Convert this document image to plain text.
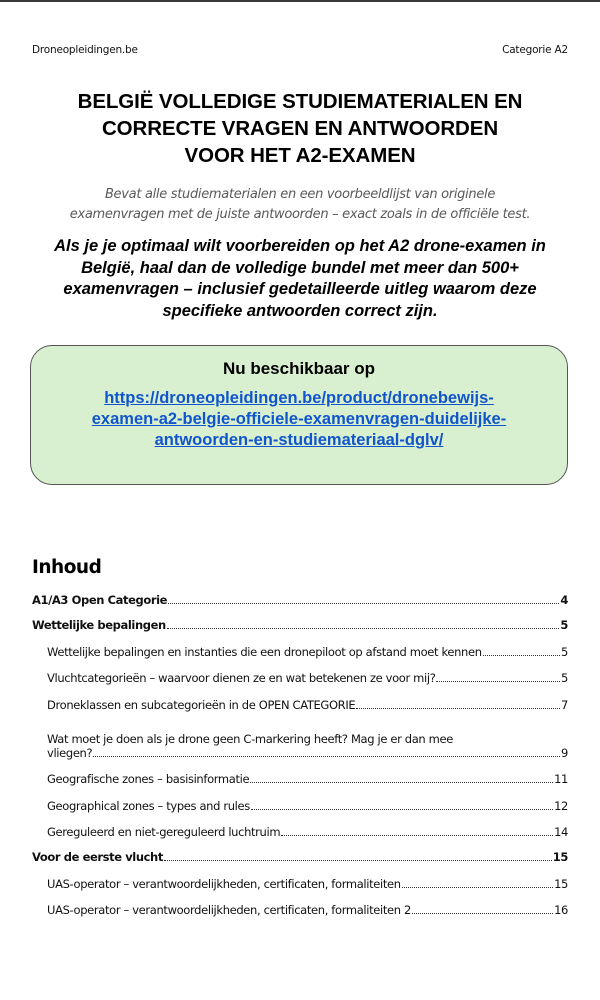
Droneopleidingen.be	Categorie A2
BELGIË VOLLEDIGE STUDIEMATERIALEN EN
CORRECTE VRAGEN EN ANTWOORDEN
VOOR HET A2-EXAMEN
Bevat alle studiematerialen en een voorbeeldlijst van originele
examenvragen met de juiste antwoorden – exact zoals in de officiële test.
Als je je optimaal wilt voorbereiden op het A2 drone-examen in
België, haal dan de volledige bundel met meer dan 500+
examenvragen – inclusief gedetailleerde uitleg waarom deze
specifieke antwoorden correct zijn.
Nu beschikbaar op
https://droneopleidingen.be/product/dronebewijs-
examen-a2-belgie-officiele-examenvragen-duidelijke-
antwoorden-en-studiemateriaal-dglv/
Inhoud
A1/A3 Open Categorie	4
Wettelijke bepalingen	5
Wettelijke bepalingen en instanties die een dronepiloot op afstand moet kennen	5
Vluchtcategorieën – waarvoor dienen ze en wat betekenen ze voor mij?	5
Droneklassen en subcategorieën in de OPEN CATEGORIE	7
Wat moet je doen als je drone geen C-markering heeft? Mag je er dan mee
vliegen?	9
Geografische zones – basisinformatie	11
Geographical zones – types and rules	12
Gereguleerd en niet-gereguleerd luchtruim	14
Voor de eerste vlucht	15
UAS-operator – verantwoordelijkheden, certificaten, formaliteiten	15
UAS-operator – verantwoordelijkheden, certificaten, formaliteiten 2	16
